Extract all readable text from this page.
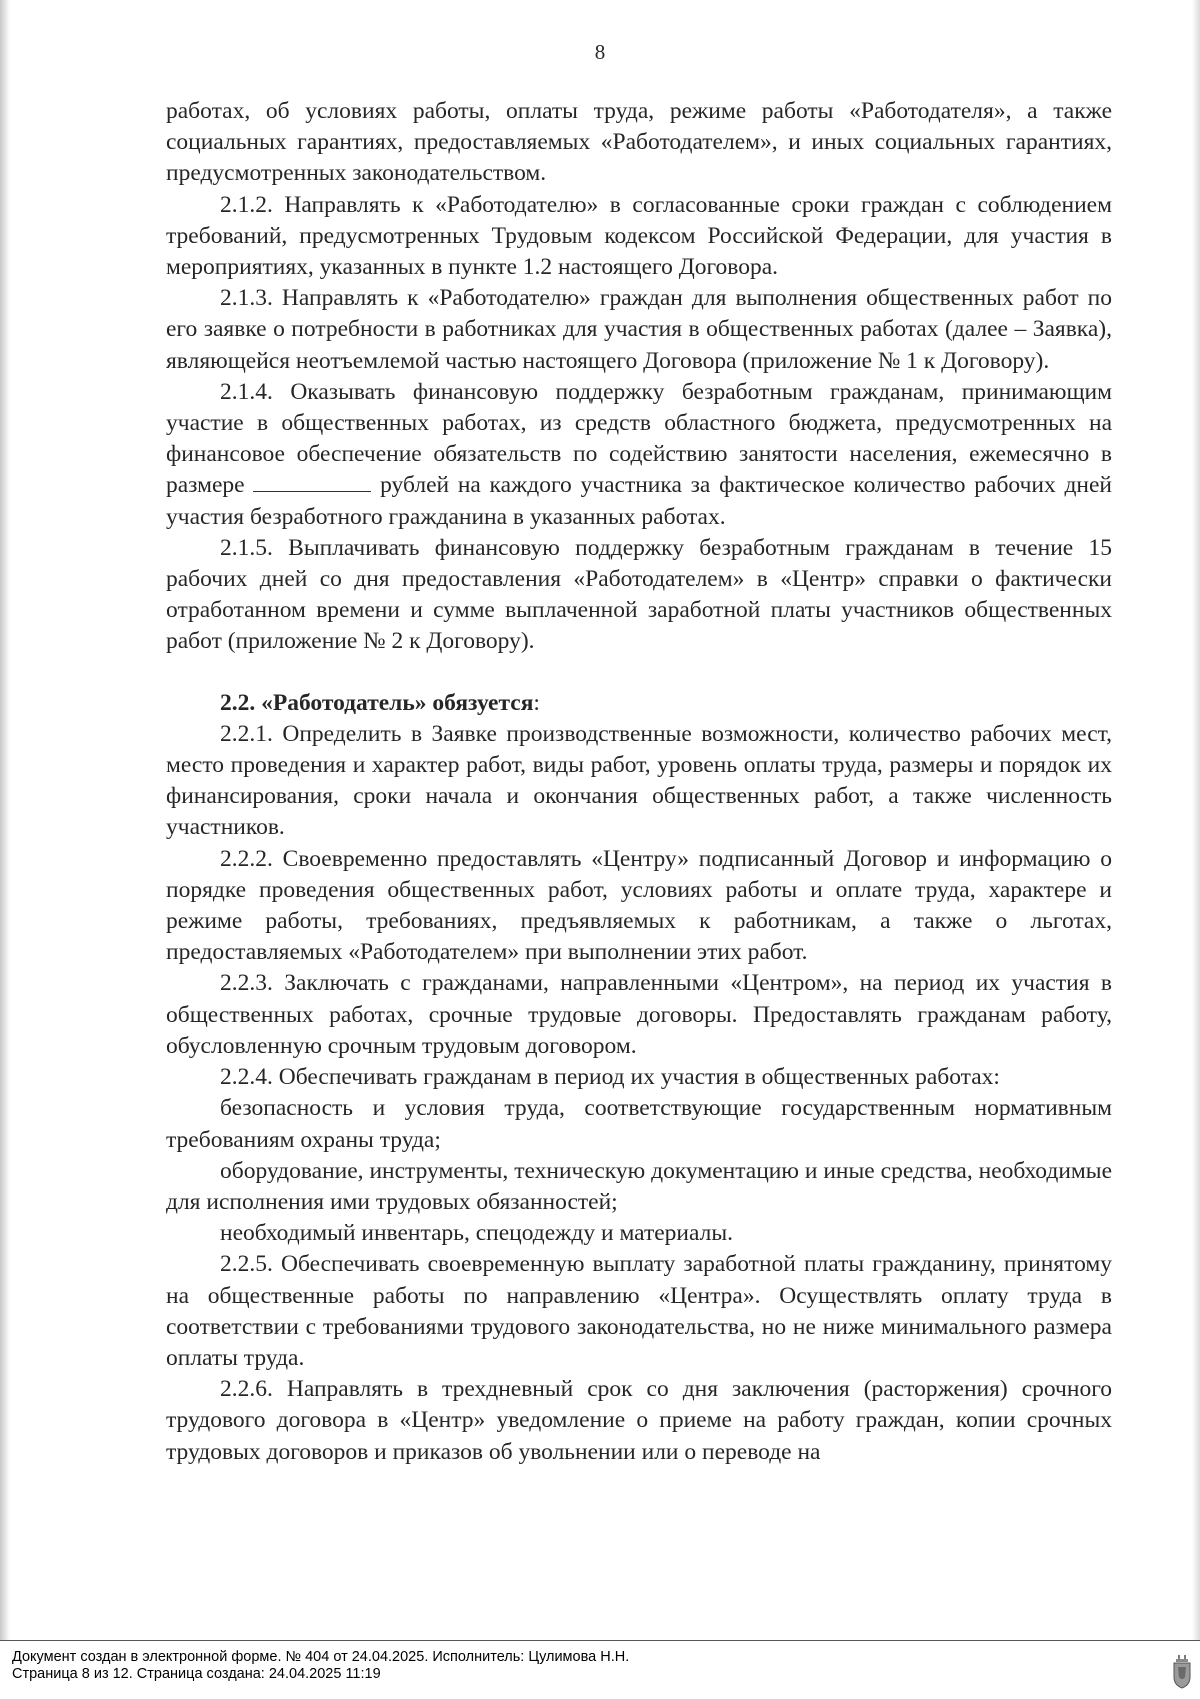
8

работах, об условиях работы, оплаты труда, режиме работы «Работодателя», а также социальных гарантиях, предоставляемых «Работодателем», и иных социальных гарантиях, предусмотренных законодательством.

2.1.2. Направлять к «Работодателю» в согласованные сроки граждан с соблюдением требований, предусмотренных Трудовым кодексом Российской Федерации, для участия в мероприятиях, указанных в пункте 1.2 настоящего Договора.

2.1.3. Направлять к «Работодателю» граждан для выполнения общественных работ по его заявке о потребности в работниках для участия в общественных работах (далее – Заявка), являющейся неотъемлемой частью настоящего Договора (приложение № 1 к Договору).

2.1.4. Оказывать финансовую поддержку безработным гражданам, принимающим участие в общественных работах, из средств областного бюджета, предусмотренных на финансовое обеспечение обязательств по содействию занятости населения, ежемесячно в размере	рублей на каждого участника за фактическое количество рабочих дней участия безработного гражданина в указанных работах.

2.1.5. Выплачивать финансовую поддержку безработным гражданам в течение 15 рабочих дней со дня предоставления «Работодателем» в «Центр» справки о фактически отработанном времени и сумме выплаченной заработной платы участников общественных работ (приложение № 2 к Договору).

2.2. «Работодатель» обязуется:

2.2.1. Определить в Заявке производственные возможности, количество рабочих мест, место проведения и характер работ, виды работ, уровень оплаты труда, размеры и порядок их финансирования, сроки начала и окончания общественных работ, а также численность участников.

2.2.2. Своевременно предоставлять «Центру» подписанный Договор и информацию о порядке проведения общественных работ, условиях работы и оплате труда, характере и режиме работы, требованиях, предъявляемых к работникам, а также о льготах, предоставляемых «Работодателем» при выполнении этих работ.

2.2.3. Заключать с гражданами, направленными «Центром», на период их участия в общественных работах, срочные трудовые договоры. Предоставлять гражданам работу, обусловленную срочным трудовым договором.

2.2.4. Обеспечивать гражданам в период их участия в общественных работах:

безопасность и условия труда, соответствующие государственным нормативным требованиям охраны труда;

оборудование, инструменты, техническую документацию и иные средства, необходимые для исполнения ими трудовых обязанностей;

необходимый инвентарь, спецодежду и материалы.

2.2.5. Обеспечивать своевременную выплату заработной платы гражданину, принятому на общественные работы по направлению «Центра». Осуществлять оплату труда в соответствии с требованиями трудового законодательства, но не ниже минимального размера оплаты труда.

2.2.6. Направлять в трехдневный срок со дня заключения (расторжения) срочного трудового договора в «Центр» уведомление о приеме на работу граждан, копии срочных трудовых договоров и приказов об увольнении или о переводе на

Документ создан в электронной форме. № 404 от 24.04.2025. Исполнитель: Цулимова Н.Н.
Страница 8 из 12. Страница создана: 24.04.2025 11:19
